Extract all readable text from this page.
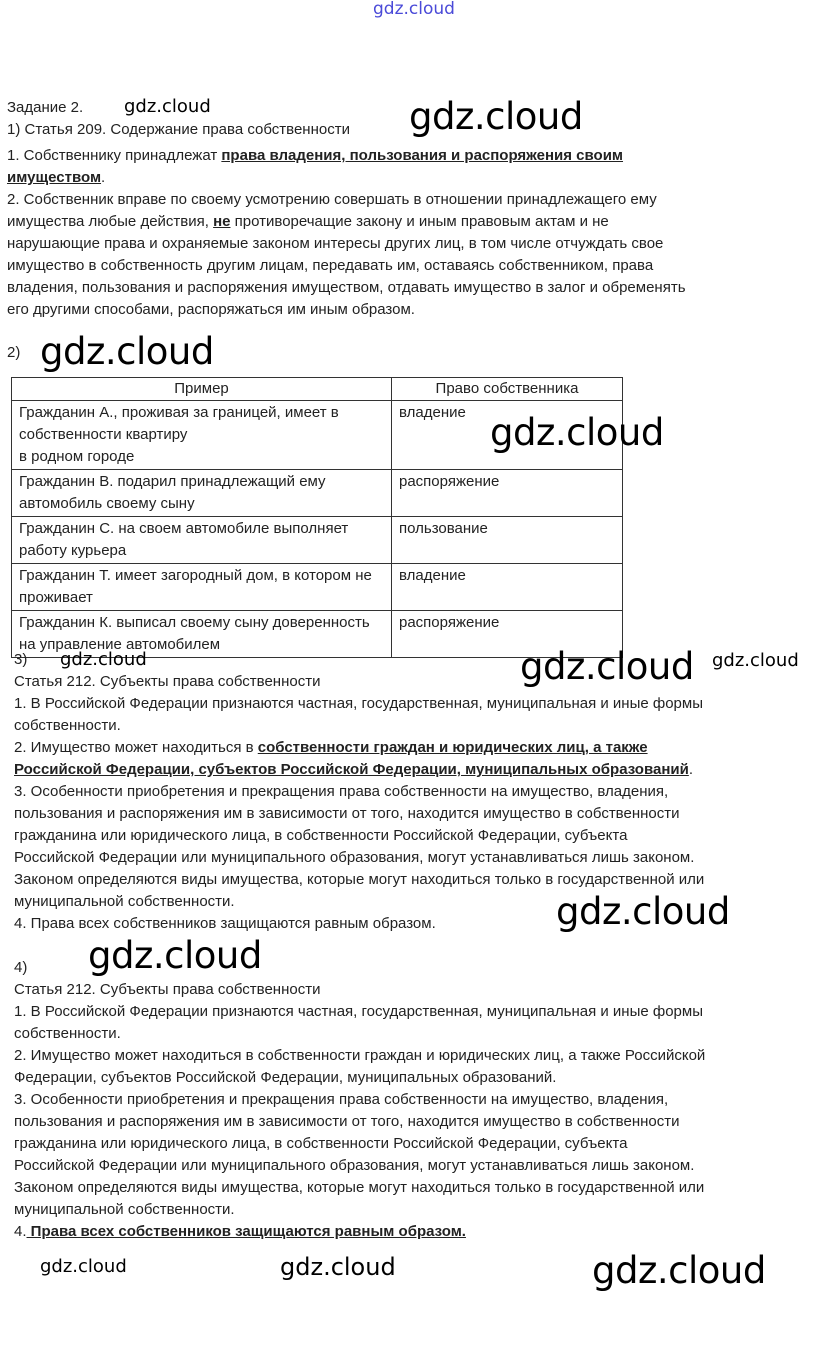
gdz.cloud
Задание 2.
1) Статья 209. Содержание права собственности
1. Собственнику принадлежат права владения, пользования и распоряжения своим
имуществом.
2. Собственник вправе по своему усмотрению совершать в отношении принадлежащего ему
имущества любые действия, не противоречащие закону и иным правовым актам и не
нарушающие права и охраняемые законом интересы других лиц, в том числе отчуждать свое
имущество в собственность другим лицам, передавать им, оставаясь собственником, права
владения, пользования и распоряжения имуществом, отдавать имущество в залог и обременять
его другими способами, распоряжаться им иным образом.
2)
Пример	Право собственника
Гражданин А., проживая за границей, имеет в собственности квартиру
в родном городе	владение
Гражданин В. подарил принадлежащий ему автомобиль своему сыну	распоряжение
Гражданин С. на своем автомобиле выполняет работу курьера	пользование
Гражданин Т. имеет загородный дом, в котором не проживает	владение
Гражданин К. выписал своему сыну доверенность на управление автомобилем	распоряжение
3)
Статья 212. Субъекты права собственности
1. В Российской Федерации признаются частная, государственная, муниципальная и иные формы
собственности.
2. Имущество может находиться в собственности граждан и юридических лиц, а также
Российской Федерации, субъектов Российской Федерации, муниципальных образований.
3. Особенности приобретения и прекращения права собственности на имущество, владения,
пользования и распоряжения им в зависимости от того, находится имущество в собственности
гражданина или юридического лица, в собственности Российской Федерации, субъекта
Российской Федерации или муниципального образования, могут устанавливаться лишь законом.
Законом определяются виды имущества, которые могут находиться только в государственной или
муниципальной собственности.
4. Права всех собственников защищаются равным образом.
4)
Статья 212. Субъекты права собственности
1. В Российской Федерации признаются частная, государственная, муниципальная и иные формы
собственности.
2. Имущество может находиться в собственности граждан и юридических лиц, а также Российской
Федерации, субъектов Российской Федерации, муниципальных образований.
3. Особенности приобретения и прекращения права собственности на имущество, владения,
пользования и распоряжения им в зависимости от того, находится имущество в собственности
гражданина или юридического лица, в собственности Российской Федерации, субъекта
Российской Федерации или муниципального образования, могут устанавливаться лишь законом.
Законом определяются виды имущества, которые могут находиться только в государственной или
муниципальной собственности.
4. Права всех собственников защищаются равным образом.
gdz.cloud
gdz.cloud
gdz.cloud
gdz.cloud
gdz.cloud
gdz.cloud	gdz.cloud
gdz.cloud
gdz.cloud
gdz.cloud	gdz.cloud	gdz.cloud
